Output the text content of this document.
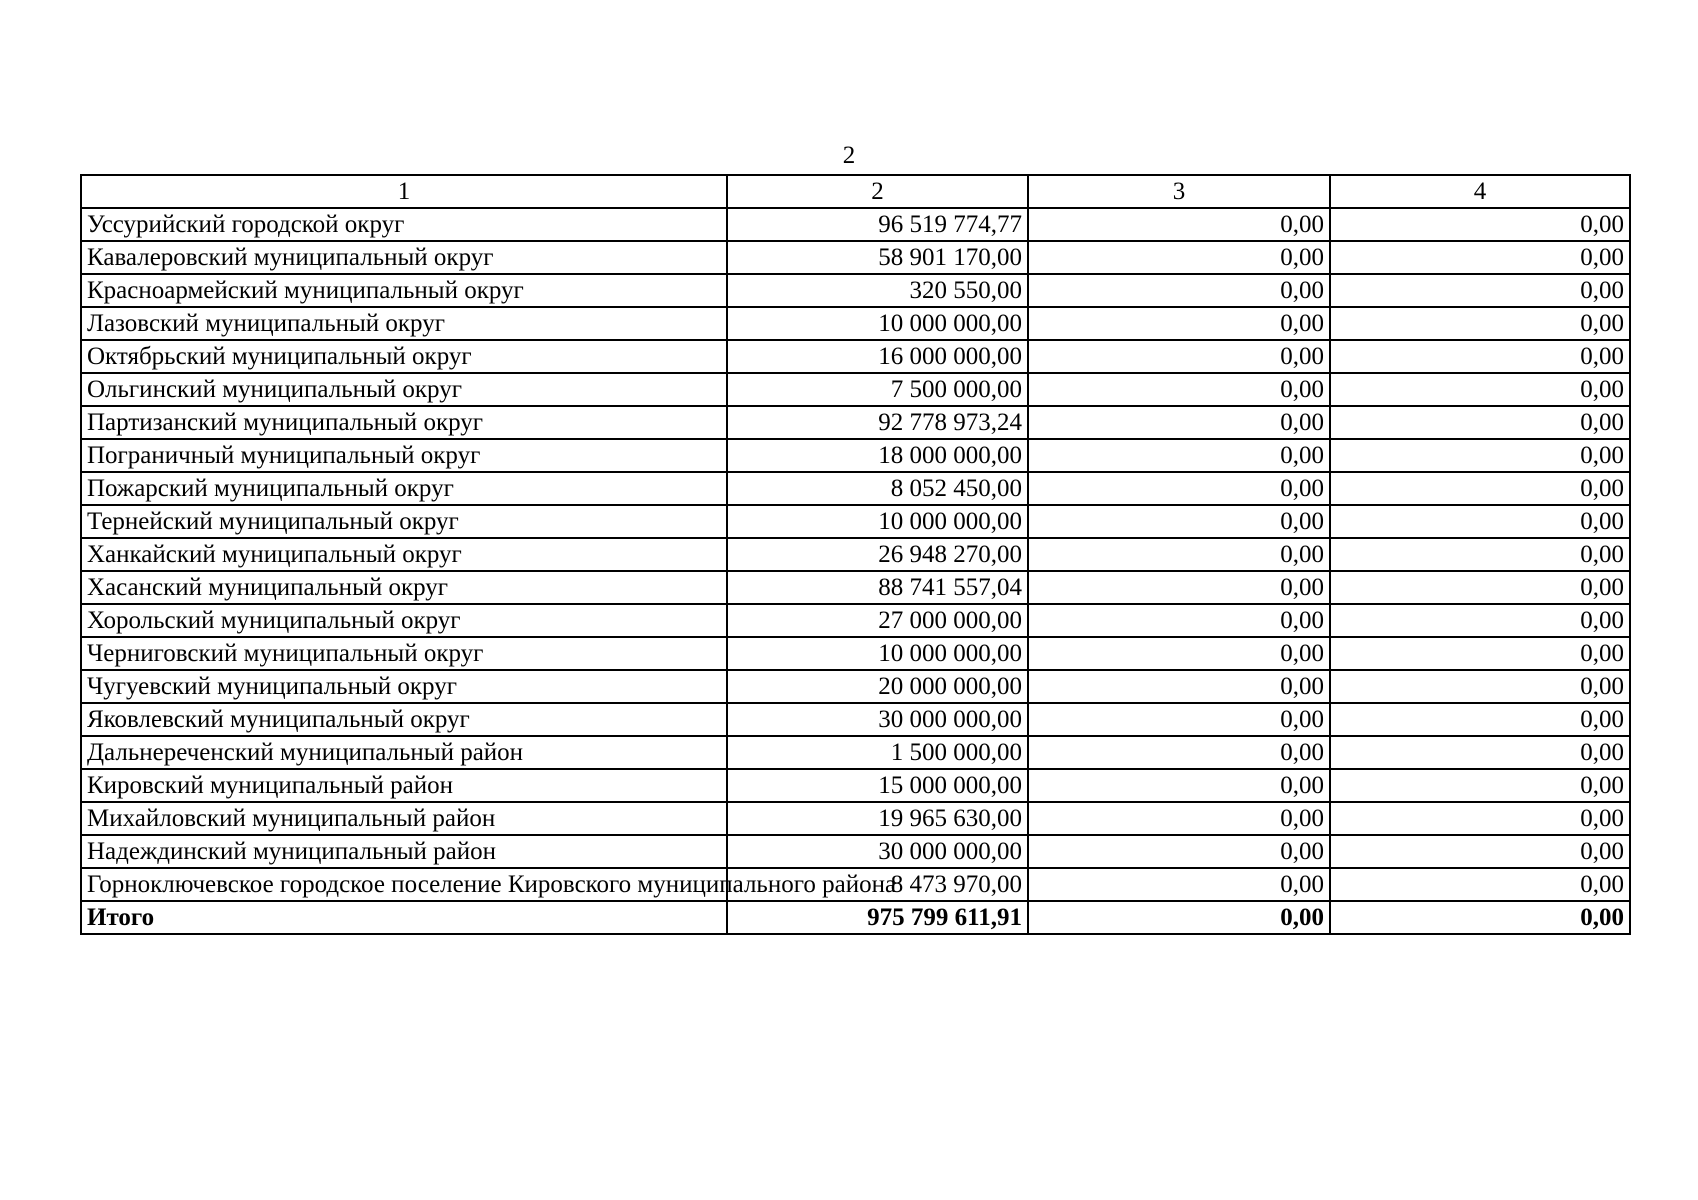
2
1	2	3	4
Уссурийский городской округ	96 519 774,77	0,00	0,00
Кавалеровский муниципальный округ	58 901 170,00	0,00	0,00
Красноармейский муниципальный округ	320 550,00	0,00	0,00
Лазовский муниципальный округ	10 000 000,00	0,00	0,00
Октябрьский муниципальный округ	16 000 000,00	0,00	0,00
Ольгинский муниципальный округ	7 500 000,00	0,00	0,00
Партизанский муниципальный округ	92 778 973,24	0,00	0,00
Пограничный муниципальный округ	18 000 000,00	0,00	0,00
Пожарский муниципальный округ	8 052 450,00	0,00	0,00
Тернейский муниципальный округ	10 000 000,00	0,00	0,00
Ханкайский муниципальный округ	26 948 270,00	0,00	0,00
Хасанский муниципальный округ	88 741 557,04	0,00	0,00
Хорольский муниципальный округ	27 000 000,00	0,00	0,00
Черниговский муниципальный округ	10 000 000,00	0,00	0,00
Чугуевский муниципальный округ	20 000 000,00	0,00	0,00
Яковлевский муниципальный округ	30 000 000,00	0,00	0,00
Дальнереченский муниципальный район	1 500 000,00	0,00	0,00
Кировский муниципальный район	15 000 000,00	0,00	0,00
Михайловский муниципальный район	19 965 630,00	0,00	0,00
Надеждинский муниципальный район	30 000 000,00	0,00	0,00
Горноключевское городское поселение Кировского муниципального района	8 473 970,00	0,00	0,00
Итого	975 799 611,91	0,00	0,00
